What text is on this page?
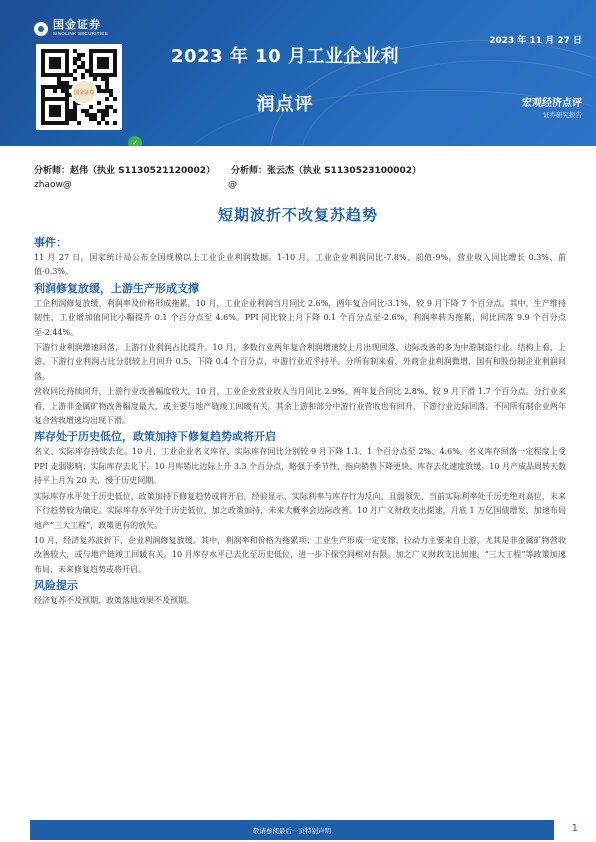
国金证券
SINOLINK SECURITIES
国金证券
✓
2023 年 10 月工业企业利
润点评
2023 年 11 月 27 日
宏观经济点评
证券研究报告
分析师：赵伟（执业 S1130521120002） 分析师：张云杰（执业 S1130523100002）
zhaow@	@
短期波折不改复苏趋势
事件：

11 月 27 日，国家统计局公布全国规模以上工业企业利润数据。1-10 月，工业企业利润同比-7.8%、前值-9%，营业收入同比增长 0.3%、前值-0.3%。

利润修复放缓，上游生产形成支撑

工企利润修复放缓，利润率及价格形成拖累。10 月，工业企业利润当月同比 2.6%，两年复合同比-3.1%，较 9 月下降 7 个百分点。其中，生产维持韧性，工业增加值同比小幅提升 0.1 个百分点至 4.6%。PPI 同比较上月下降 0.1 个百分点至-2.6%，利润率转为拖累，同比回落 9.9 个百分点至-2.44%。

下游行业利润增速回落，上游行业利润占比提升。10 月，多数行业两年复合利润增速较上月出现回落，边际改善的多为中游制造行业。结构上看，上游、下游行业利润占比分别较上月回升 0.5、下降 0.4 个百分点，中游行业近乎持平。分所有制来看，外商企业利润微增，国有和股份制企业利润回落。

营收同比持续回升，上游行业改善幅度较大。10 月，工业企业营业收入当月同比 2.9%，两年复合同比 2.8%、较 9 月下滑 1.7 个百分点。分行业来看，上游非金属矿物改善幅度最大，或主要与地产链竣工回暖有关。其余上游和部分中游行业营收也有回升，下游行业边际回落。不同所有制企业两年复合营收增速均出现下滑。

库存处于历史低位，政策加持下修复趋势或将开启

名义、实际库存持续去化。10 月，工业企业名义库存、实际库存同比分别较 9 月下降 1.1、1 个百分点至 2%、4.6%。名义库存回落一定程度上受 PPI 走弱影响；实际库存去化下，10 月库销比边际上升 3.3 个百分点，略强于季节性，指向销售下降更快、库存去化速度放缓。10 月产成品周转天数持平上月为 20 天，慢于历史同期。

实际库存水平处于历史低位，政策加持下修复趋势或将开启。经验显示，实际利率与库存行为反向、且弱领先，当前实际利率处于历史绝对高位，未来下行趋势较为确定。实际库存水平处于历史低位，加之政策加持，未来大概率会边际改善。10 月广义财政支出提速，月底 1 万亿国债增发、加速布局地产“三大工程”，政策更有的放矢。

10 月，经济复苏波折下，企业利润修复放缓。其中，利润率和价格为拖累项；工业生产形成一定支撑，拉动力主要来自上游，尤其是非金属矿物营收改善较大，或与地产链竣工回暖有关。10 月库存水平已去化至历史低位，进一步下探空间相对有限。加之广义财政支出加速、“三大工程”等政策加速布局，未来修复趋势或将开启。

风险提示

经济复苏不及预期，政策落地效果不及预期。

敬请参阅最后一页特别声明	1
